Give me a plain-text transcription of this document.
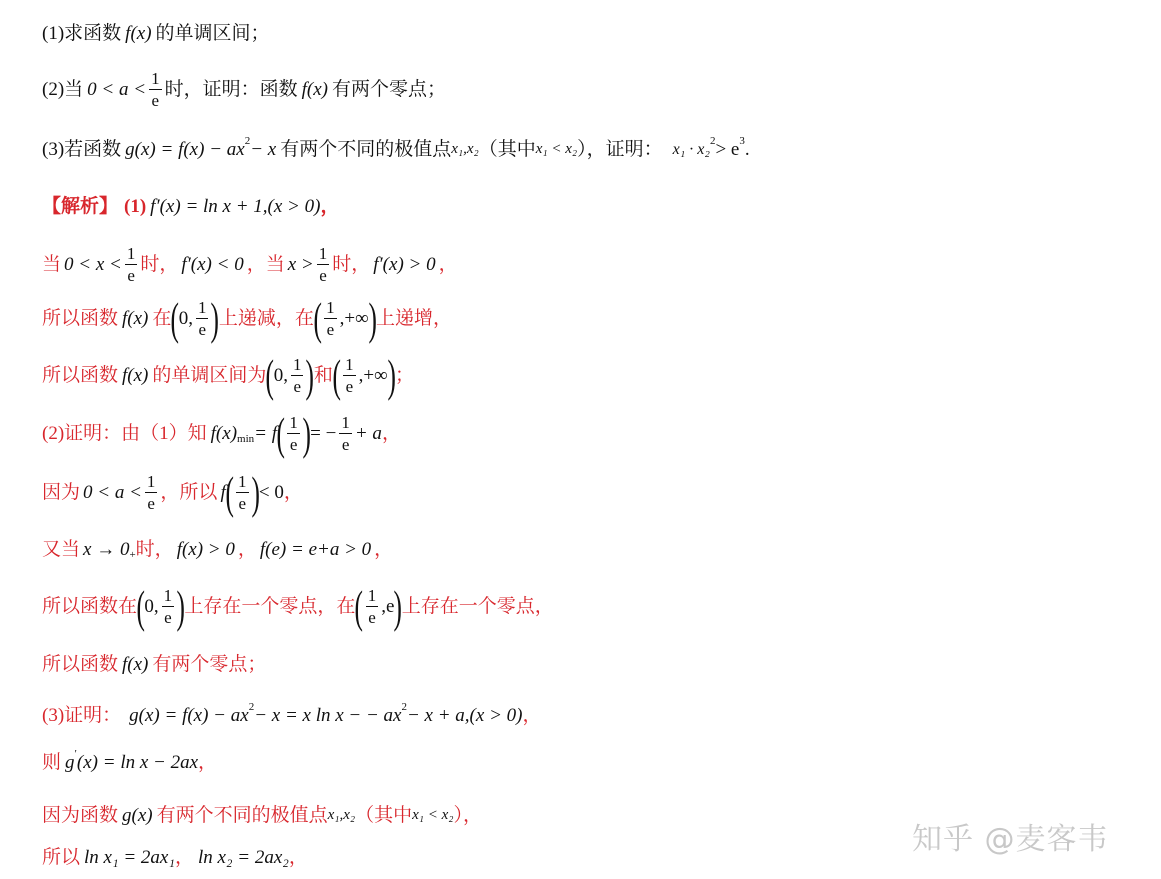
(1) 求函数 f(x) 的单调区间；
(2) 当 $0 < a < \frac{1}{e}$ 时，证明：函数 f(x) 有两个零点；
(3) 若函数 g(x) = f(x) − ax 2 − x 有两个不同的极值点 x₁,x₂ （其中 x₁ < x₂ ），证明： x₁ · x₂ 2 > e 3 .
【解析】 (1) f′(x) = ln x + 1,(x > 0) ，
当 $0 < x < \frac{1}{e}$ 时， f′(x) < 0 ，当 $x > \frac{1}{e}$ 时， f′(x) > 0 ，
所以函数 f(x) 在 ( 0, $\frac{1}{e}$ ) 上递减，在 ( $\frac{1}{e}$ ,+∞ ) 上递增，
所以函数 f(x) 的单调区间为 ( 0, $\frac{1}{e}$ ) 和 ( $\frac{1}{e}$ ,+∞ ) ；
(2)证明：由（1）知 f(x) min = f ( $\frac{1}{e}$ ) = − $\frac{1}{e} + a$ ，
因为 $0 < a < \frac{1}{e}$ ，所以 f ( $\frac{1}{e}$ ) < 0 ，
又当 x → 0 + 时， f(x) > 0 ， f(e) = e+a > 0 ，
所以函数在 ( 0, $\frac{1}{e}$ ) 上存在一个零点，在 ( $\frac{1}{e} ,e$ ) 上存在一个零点，
所以函数 f(x) 有两个零点；
(3)证明： g(x) = f(x) − ax 2 − x = x ln x − − ax 2 − x + a,(x > 0) ，
则 g ′ (x) = ln x − 2ax ，
因为函数 g(x) 有两个不同的极值点 x₁,x₂ （其中 x₁ < x₂ ），
所以 ln x₁ = 2ax₁ ， ln x₂ = 2ax₂ ，
知乎 @麦客韦
